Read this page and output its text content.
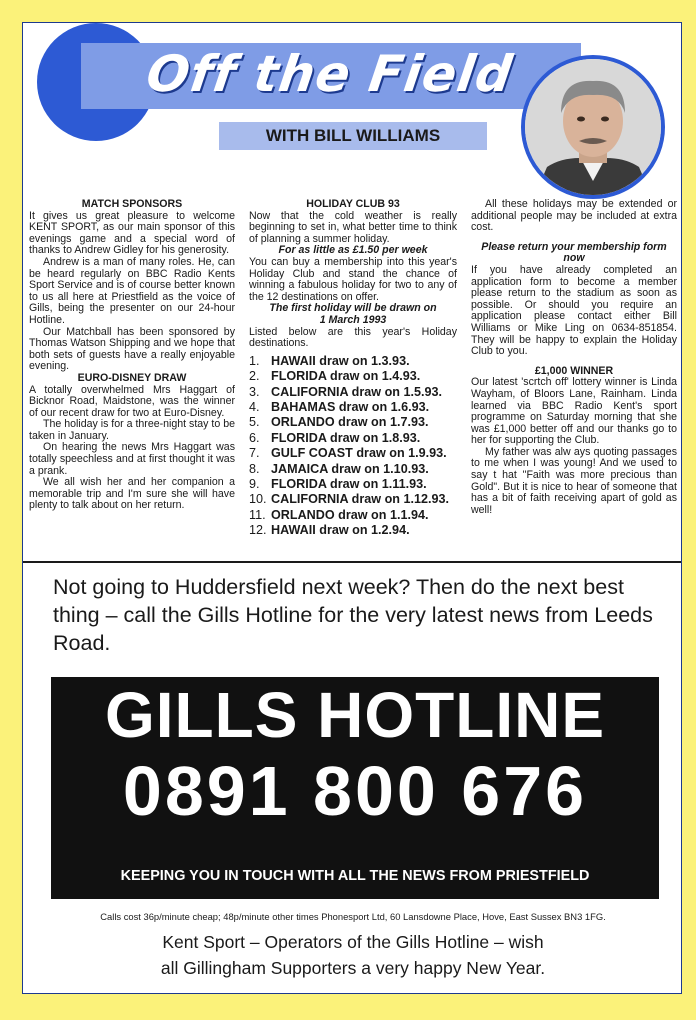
Off the Field
WITH BILL WILLIAMS

MATCH SPONSORS

It gives us great pleasure to welcome KENT SPORT, as our main sponsor of this evenings game and a special word of thanks to Andrew Gidley for his generosity.

Andrew is a man of many roles. He, can be heard regularly on BBC Radio Kents Sport Service and is of course better known to us all here at Priestfield as the voice of Gills, being the presenter on our 24-hour Hotline.

Our Matchball has been sponsored by Thomas Watson Shipping and we hope that both sets of guests have a really enjoyable evening.

EURO-DISNEY DRAW

A totally overwhelmed Mrs Haggart of Bicknor Road, Maidstone, was the winner of our recent draw for two at Euro-Disney.

The holiday is for a three-night stay to be taken in January.

On hearing the news Mrs Haggart was totally speechless and at first thought it was a prank.

We all wish her and her companion a memorable trip and I'm sure she will have plenty to talk about on her return.

HOLIDAY CLUB 93

Now that the cold weather is really beginning to set in, what better time to think of planning a summer holiday.

For as little as £1.50 per week

You can buy a membership into this year's Holiday Club and stand the chance of winning a fabulous holiday for two to any of the 12 destinations on offer.

The first holiday will be drawn on

1 March 1993

Listed below are this year's Holiday destinations.

1. HAWAII draw on 1.3.93.
2. FLORIDA draw on 1.4.93.
3. CALIFORNIA draw on 1.5.93.
4. BAHAMAS draw on 1.6.93.
5. ORLANDO draw on 1.7.93.
6. FLORIDA draw on 1.8.93.
7. GULF COAST draw on 1.9.93.
8. JAMAICA draw on 1.10.93.
9. FLORIDA draw on 1.11.93.
10. CALIFORNIA draw on 1.12.93.
11. ORLANDO draw on 1.1.94.
12. HAWAII draw on 1.2.94.

All these holidays may be extended or additional people may be included at extra cost.

Please return your membership form now

If you have already completed an application form to become a member please return to the stadium as soon as possible. Or should you require an application please contact either Bill Williams or Mike Ling on 0634-851854. They will be happy to explain the Holiday Club to you.

£1,000 WINNER

Our latest 'scrtch off' lottery winner is Linda Wayham, of Bloors Lane, Rainham. Linda learned via BBC Radio Kent's sport programme on Saturday morning that she was £1,000 better off and our thanks go to her for supporting the Club.

My father was alw ays quoting passages to me when I was young! And we used to say t hat "Faith was more precious than Gold". But it is nice to hear of someone that has a bit of faith receiving apart of gold as well!

Not going to Huddersfield next week? Then do the next best thing – call the Gills Hotline for the very latest news from Leeds Road.
GILLS HOTLINE
0891 800 676
KEEPING YOU IN TOUCH WITH ALL THE NEWS FROM PRIESTFIELD
Calls cost 36p/minute cheap; 48p/minute other times Phonesport Ltd, 60 Lansdowne Place, Hove, East Sussex BN3 1FG.
Kent Sport – Operators of the Gills Hotline – wish
all Gillingham Supporters a very happy New Year.
